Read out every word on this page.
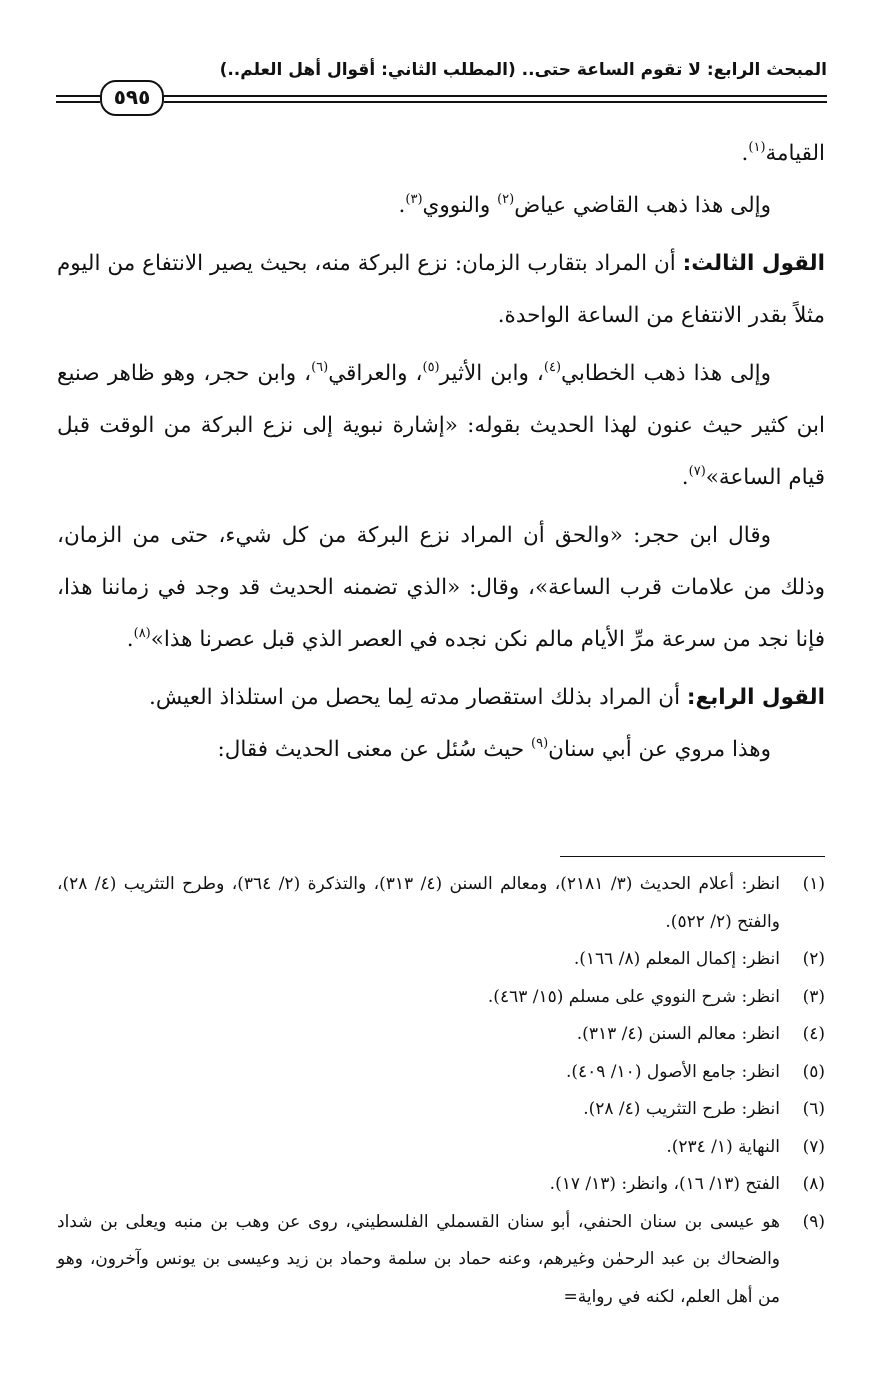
المبحث الرابع: لا تقوم الساعة حتى.. (المطلب الثاني: أقوال أهل العلم..)
٥٩٥

القيامة$^{(١)}$.

وإلى هذا ذهب القاضي عياض$^{(٢)}$ والنووي$^{(٣)}$.

القول الثالث: أن المراد بتقارب الزمان: نزع البركة منه، بحيث يصير الانتفاع من اليوم مثلاً بقدر الانتفاع من الساعة الواحدة.

وإلى هذا ذهب الخطابي$^{(٤)}$، وابن الأثير$^{(٥)}$، والعراقي$^{(٦)}$، وابن حجر، وهو ظاهر صنيع ابن كثير حيث عنون لهذا الحديث بقوله: «إشارة نبوية إلى نزع البركة من الوقت قبل قيام الساعة»$^{(٧)}$.

وقال ابن حجر: «والحق أن المراد نزع البركة من كل شيء، حتى من الزمان، وذلك من علامات قرب الساعة»، وقال: «الذي تضمنه الحديث قد وجد في زماننا هذا، فإنا نجد من سرعة مرِّ الأيام مالم نكن نجده في العصر الذي قبل عصرنا هذا»$^{(٨)}$.

القول الرابع: أن المراد بذلك استقصار مدته لِما يحصل من استلذاذ العيش.

وهذا مروي عن أبي سنان$^{(٩)}$ حيث سُئل عن معنى الحديث فقال:

(١)
انظر: أعلام الحديث (٣/ ٢١٨١)، ومعالم السنن (٤/ ٣١٣)، والتذكرة (٢/ ٣٦٤)، وطرح التثريب (٤/ ٢٨)، والفتح (٢/ ٥٢٢).
(٢)
انظر: إكمال المعلم (٨/ ١٦٦).
(٣)
انظر: شرح النووي على مسلم (١٥/ ٤٦٣).
(٤)
انظر: معالم السنن (٤/ ٣١٣).
(٥)
انظر: جامع الأصول (١٠/ ٤٠٩).
(٦)
انظر: طرح التثريب (٤/ ٢٨).
(٧)
النهاية (١/ ٢٣٤).
(٨)
الفتح (١٣/ ١٦)، وانظر: (١٣/ ١٧).
(٩)
هو عيسى بن سنان الحنفي، أبو سنان القسملي الفلسطيني، روى عن وهب بن منبه ويعلى بن شداد والضحاك بن عبد الرحمٰن وغيرهم، وعنه حماد بن سلمة وحماد بن زيد وعيسى بن يونس وآخرون، وهو من أهل العلم، لكنه في رواية=
